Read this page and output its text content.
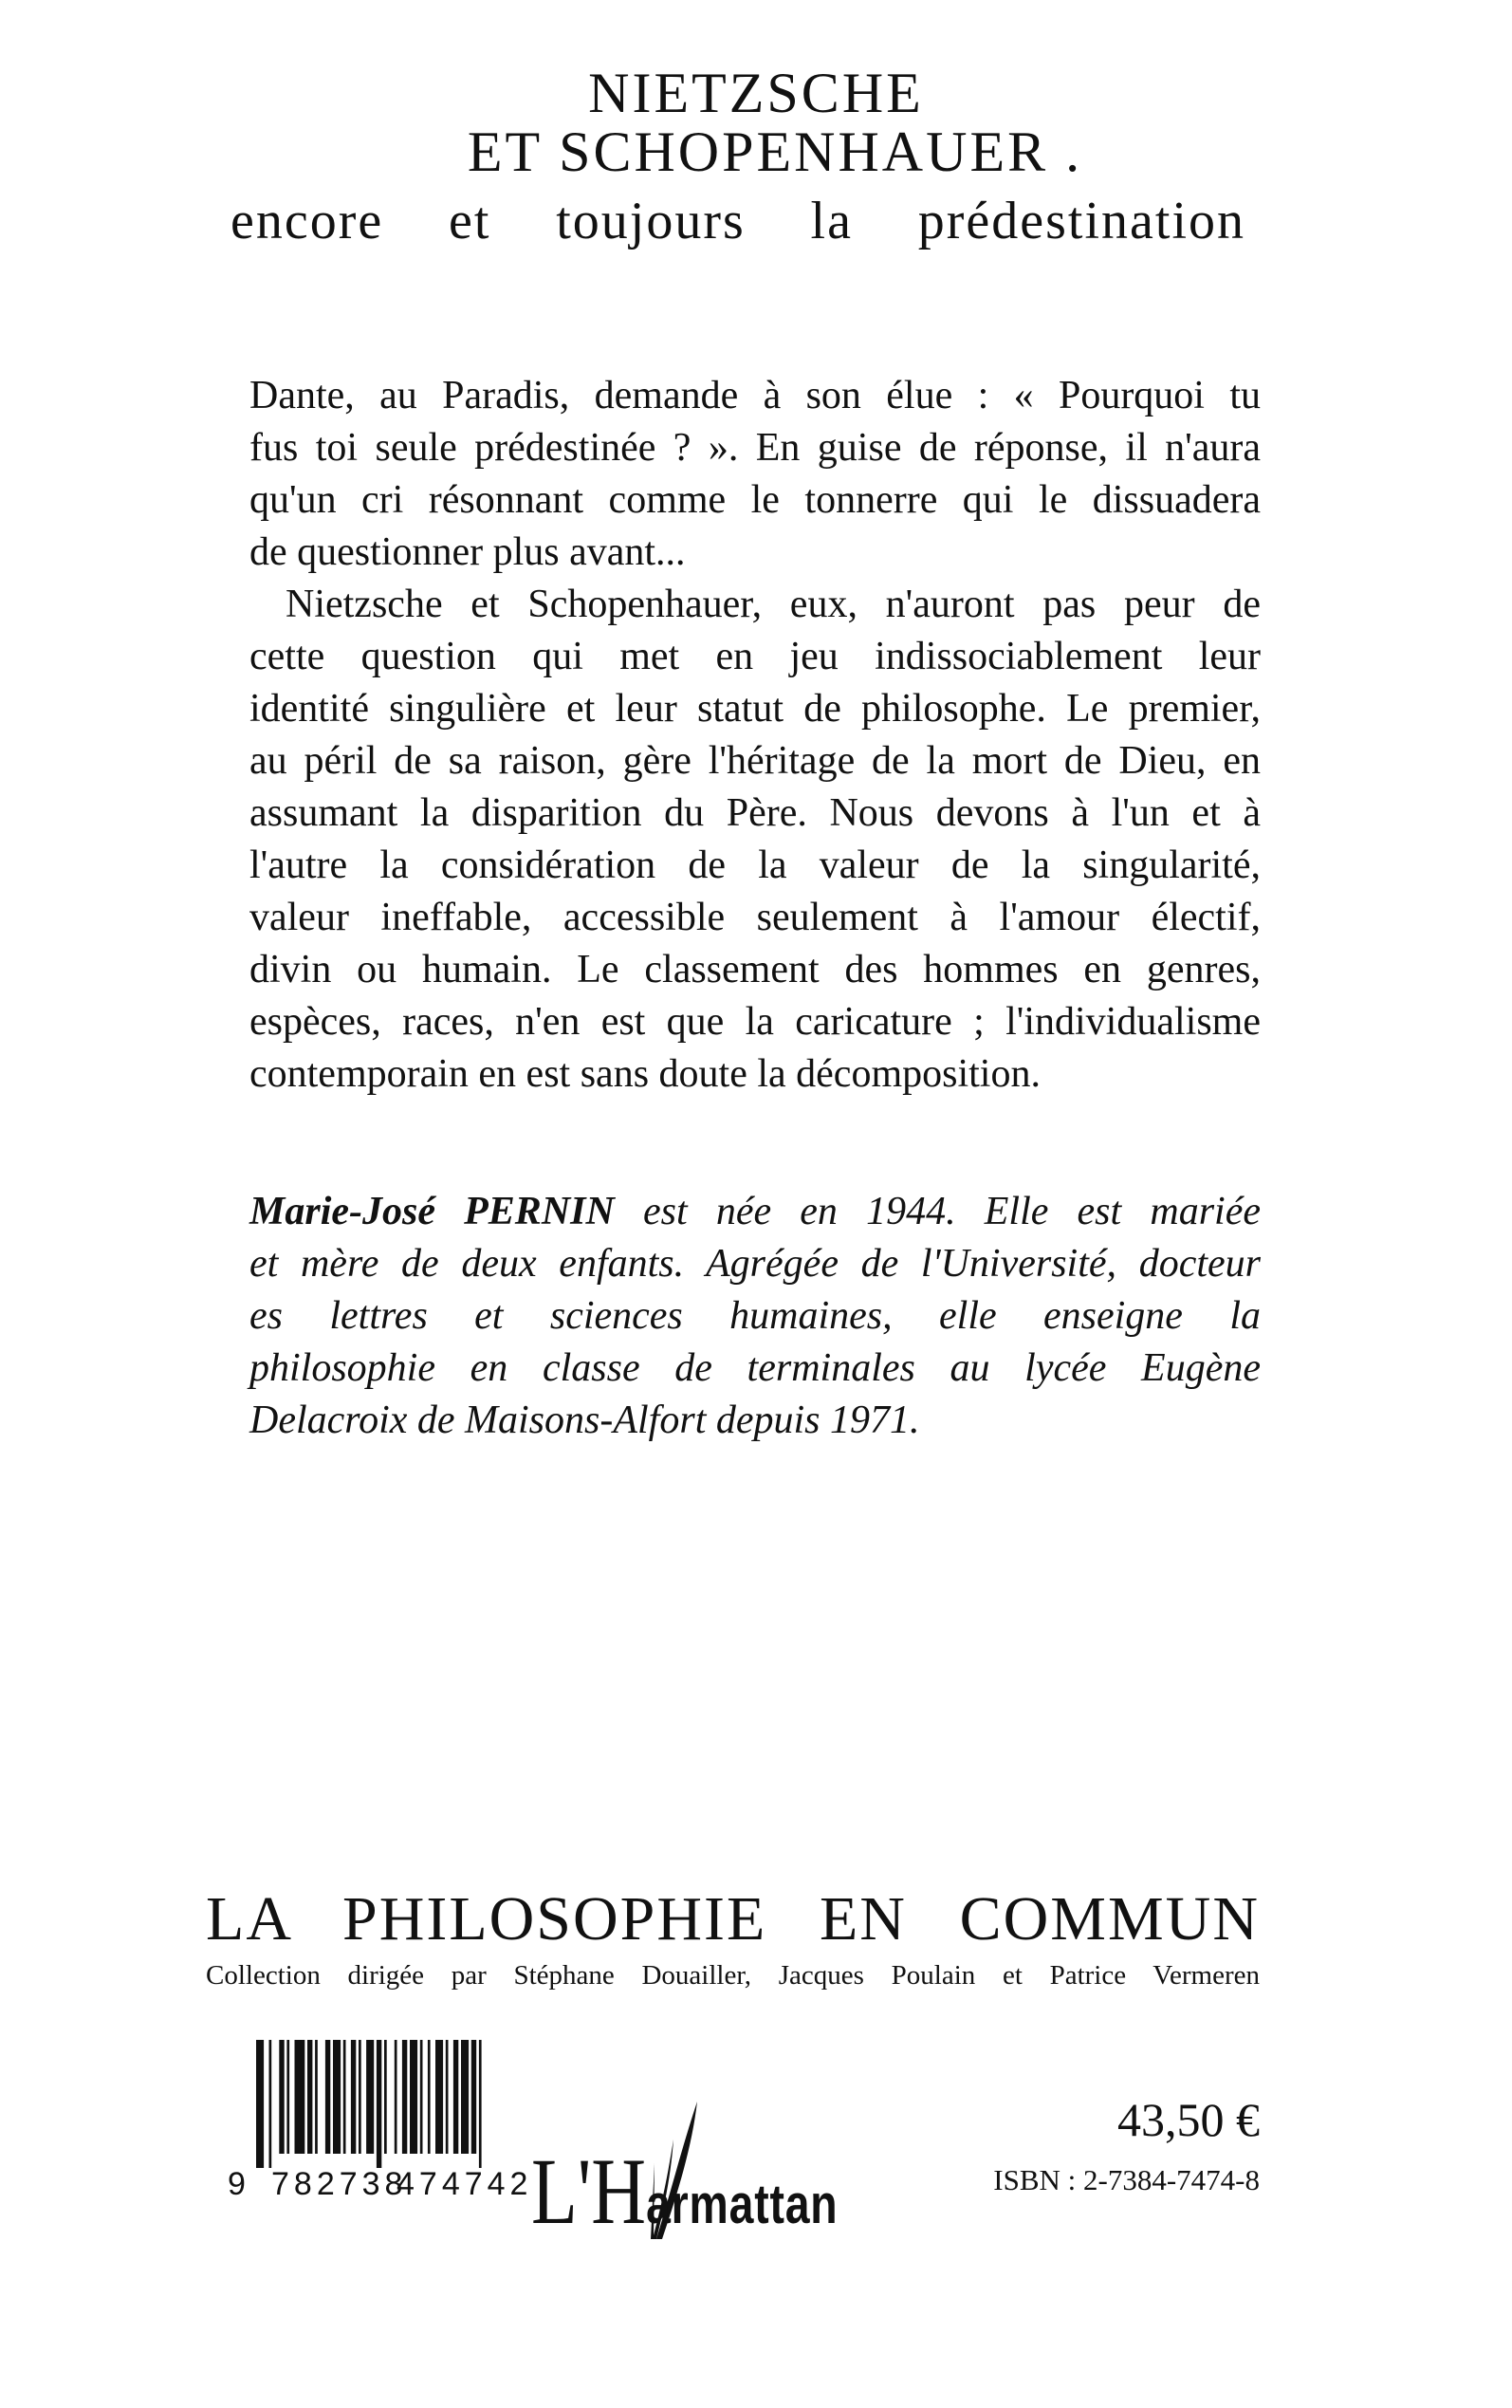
NIETZSCHE
ET SCHOPENHAUER .
encore et toujours la prédestination
Dante, au Paradis, demande à son élue : « Pourquoi tu
fus toi seule prédestinée ? ». En guise de réponse, il n'aura
qu'un cri résonnant comme le tonnerre qui le dissuadera
de questionner plus avant...
Nietzsche et Schopenhauer, eux, n'auront pas peur de
cette question qui met en jeu indissociablement leur
identité singulière et leur statut de philosophe. Le premier,
au péril de sa raison, gère l'héritage de la mort de Dieu, en
assumant la disparition du Père. Nous devons à l'un et à
l'autre la considération de la valeur de la singularité,
valeur ineffable, accessible seulement à l'amour électif,
divin ou humain. Le classement des hommes en genres,
espèces, races, n'en est que la caricature ; l'individualisme
contemporain en est sans doute la décomposition.
Marie-José PERNIN est née en 1944. Elle est mariée
et mère de deux enfants. Agrégée de l'Université, docteur
es lettres et sciences humaines, elle enseigne la
philosophie en classe de terminales au lycée Eugène
Delacroix de Maisons-Alfort depuis 1971.
LA PHILOSOPHIE EN COMMUN
Collection dirigée par Stéphane Douailler, Jacques Poulain et Patrice Vermeren
9 782738
474742
L'Harmattan
43,50 €
ISBN : 2-7384-7474-8
